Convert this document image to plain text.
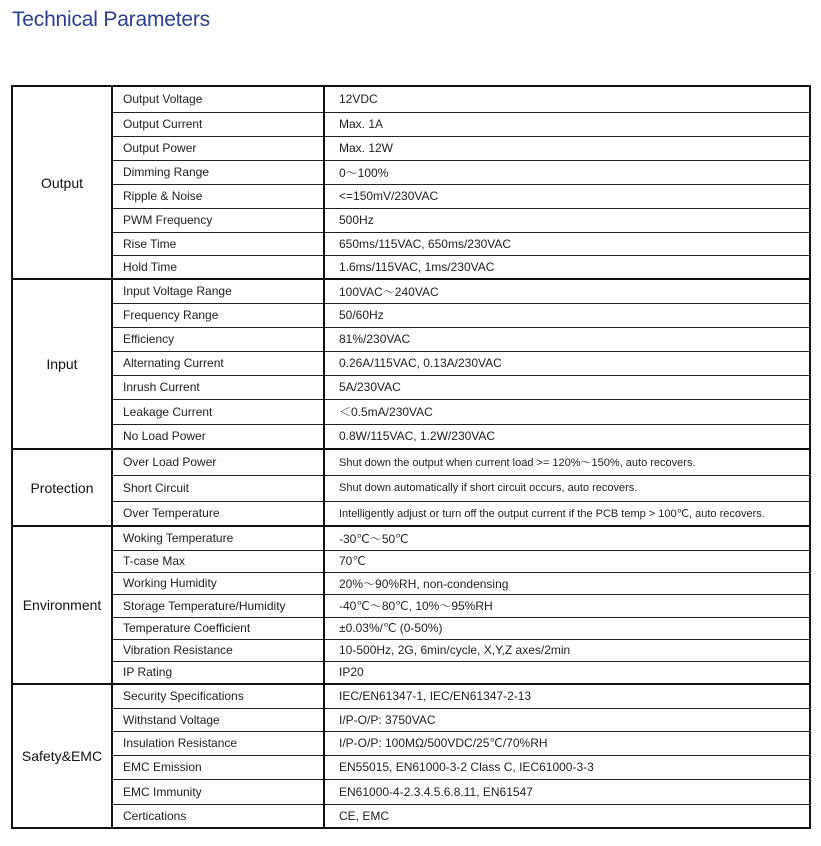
Technical Parameters
Output	Output Voltage	12VDC
	Output Current	Max. 1A
	Output Power	Max. 12W
	Dimming Range	0～100%
	Ripple & Noise	<=150mV/230VAC
	PWM Frequency	500Hz
	Rise Time	650ms/115VAC, 650ms/230VAC
	Hold Time	1.6ms/115VAC, 1ms/230VAC
Input	Input Voltage Range	100VAC～240VAC
	Frequency Range	50/60Hz
	Efficiency	81%/230VAC
	Alternating Current	0.26A/115VAC, 0.13A/230VAC
	Inrush Current	5A/230VAC
	Leakage Current	＜0.5mA/230VAC
	No Load Power	0.8W/115VAC, 1.2W/230VAC
Protection	Over Load Power	Shut down the output when current load >= 120%～150%, auto recovers.
	Short Circuit	Shut down automatically if short circuit occurs, auto recovers.
	Over Temperature	Intelligently adjust or turn off the output current if the PCB temp > 100℃, auto recovers.
Environment	Woking Temperature	-30℃～50℃
	T-case Max	70℃
	Working Humidity	20%～90%RH, non-condensing
	Storage Temperature/Humidity	-40℃～80℃, 10%～95%RH
	Temperature Coefficient	±0.03%/℃ (0-50%)
	Vibration Resistance	10-500Hz, 2G, 6min/cycle, X,Y,Z axes/2min
	IP Rating	IP20
Safety&EMC	Security Specifications	IEC/EN61347-1, IEC/EN61347-2-13
	Withstand Voltage	I/P-O/P: 3750VAC
	Insulation Resistance	I/P-O/P: 100MΩ/500VDC/25℃/70%RH
	EMC Emission	EN55015, EN61000-3-2 Class C, IEC61000-3-3
	EMC Immunity	EN61000-4-2.3.4.5.6.8.11, EN61547
	Certications	CE, EMC
